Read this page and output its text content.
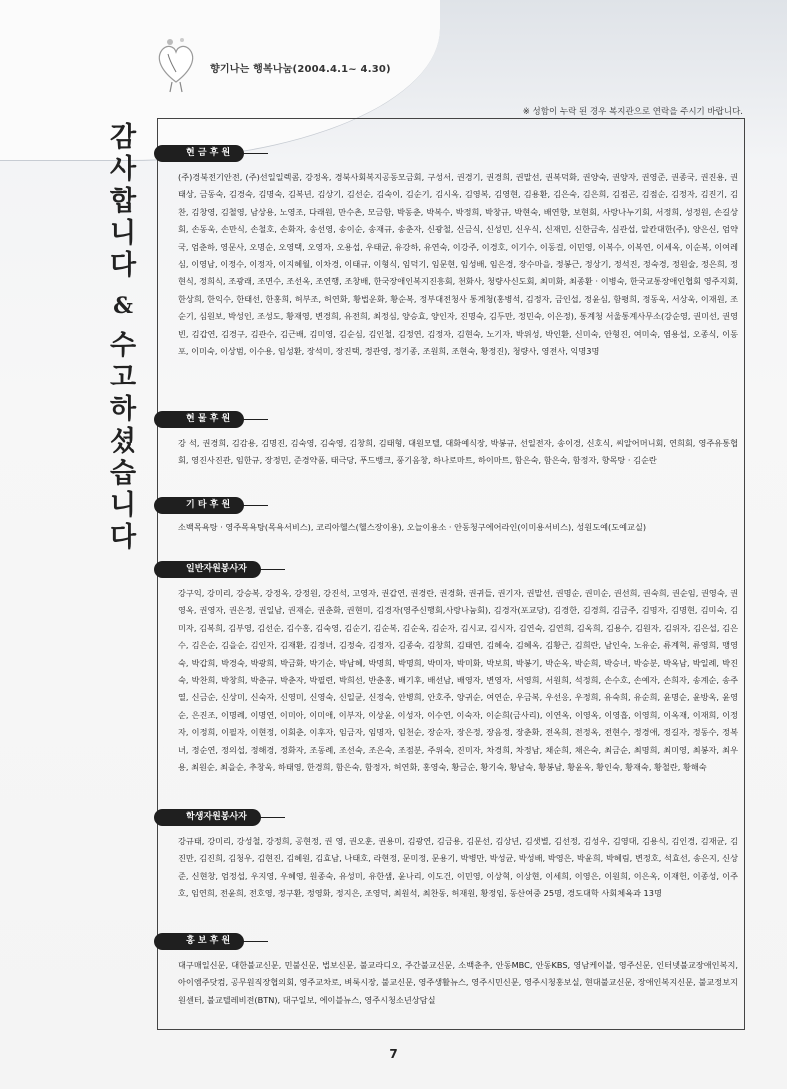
향기나는 행복나눔(2004.4.1~ 4.30)
※ 성함이 누락 된 경우 복지관으로 연락을 주시기 바랍니다.
감
사
합
니
다
&
수
고
하
셨
습
니
다
현 금 후 원
(주)경북전기안전, (주)선일일렉콤, 강정옥, 경북사회복지공동모금회, 구성서, 권경기, 권경희, 권말선, 권복덕화, 권양숙, 권양자, 권영준, 권종국, 권진용, 권태상, 금동숙, 김경숙, 김명숙, 김복년, 김상기, 김선순, 김숙이, 김순기, 김시옥, 김영복, 김영현, 김용환, 김은숙, 김은희, 김점곤, 김점순, 김정자, 김진기, 김찬, 김창영, 김철영, 남상용, 노영조, 다래원, 만수촌, 모금함, 박동춘, 박복수, 박정희, 박창규, 박현숙, 배연향, 보현회, 사랑나누기회, 서정희, 성정원, 손길상회, 손동욱, 손만식, 손철호, 손화자, 송선영, 송이순, 송재규, 송춘자, 신광철, 신금식, 신성민, 신우식, 신재민, 신한금속, 심관섭, 알칸대한(주), 양은신, 엄약국, 엄춘하, 영문사, 오명순, 오영택, 오영자, 오용섭, 우태균, 유강하, 유연숙, 이강주, 이경호, 이기수, 이동걸, 이민영, 이복수, 이복연, 이세옥, 이순복, 이여레심, 이영남, 이정수, 이정자, 이지혜월, 이차경, 이태규, 이형식, 임덕기, 임문현, 임성배, 임은경, 장수마을, 정봉근, 정상기, 정석진, 정숙경, 정원술, 정은희, 정현식, 정희식, 조광래, 조면수, 조선옥, 조연행, 조창배, 한국장애인복지진흥회, 천화사, 청량사신도회, 최미화, 최종환 · 이병숙, 한국교통장애인협회 영주지회, 한상희, 한익수, 한태선, 한홍희, 허부조, 허연화, 황법운화, 황순복, 정부대전청사 통계청(홍병석, 김정자, 금인섭, 정윤심, 함평희, 정동욱, 서상욱, 이재원, 조순기, 심원보, 박성인, 조성도, 황재영, 변경희, 유전희, 최정심, 양승효, 양인자, 진명숙, 김두만, 정민숙, 이은정), 통계청 서울통계사무소(강순영, 권미선, 권영빈, 김갑연, 김경구, 김관수, 김근배, 김미영, 김순심, 김인철, 김정연, 김정자, 김현숙, 노기자, 박위성, 박인환, 신미숙, 안형진, 여미숙, 염용섭, 오종식, 이동포, 이미숙, 이상범, 이수용, 임성환, 장석미, 장진택, 정관영, 정기종, 조원희, 조현숙, 황정진), 청량사, 영전사, 익명3명
현 물 후 원
강 석, 권경희, 김감용, 김명진, 김숙영, 김숙영, 김창희, 김태형, 대원모텔, 대화예식장, 박봉규, 선일전자, 송이경, 신호식, 씨알어머니회, 연희회, 영주유통협회, 영진사진관, 임한규, 장정민, 준경약품, 태극당, 푸드뱅크, 풍기음창, 하나로마트, 하이마트, 함은숙, 함은숙, 함정자, 향목탕 · 김순란
기 타 후 원
소백목욕탕 · 영주목욕탕(목욕서비스), 코리아헬스(헬스장이용), 오늘이용소 · 안동청구에어라인(이미용서비스), 성원도예(도예교실)
일반자원봉사자
강구익, 강미리, 강승복, 강정옥, 강정원, 강진석, 고영자, 권갑연, 권경란, 권경화, 권귀들, 권기자, 권말선, 권명순, 권미순, 권선희, 권숙희, 권순임, 권영숙, 권영옥, 권영자, 권은정, 권일남, 권재순, 권춘화, 권현미, 김경자(영주신행회,사랑나눔회), 김경자(포교당), 김경한, 김경희, 김금주, 김명자, 김명현, 김미숙, 김미자, 김복희, 김부영, 김선순, 김수홍, 김숙영, 김순기, 김순복, 김순옥, 김순자, 김시교, 김시자, 김연숙, 김연희, 김옥희, 김용수, 김원자, 김위자, 김은섭, 김은수, 김은순, 김을순, 김인자, 김재환, 김정녀, 김정숙, 김정자, 김종숙, 김창희, 김태연, 김혜숙, 김혜옥, 김황근, 김희란, 남인숙, 노유순, 류계혁, 류영희, 맹영숙, 박갑희, 박경숙, 박광희, 박금화, 박기순, 박남혜, 박명희, 박명희, 박미자, 박미화, 박보희, 박봉기, 박순옥, 박순희, 박승녀, 박승분, 박옥남, 박일례, 박진숙, 박찬희, 박창희, 박춘규, 박춘자, 박필련, 박희선, 반춘홍, 배기후, 배선남, 배영자, 변영자, 서영희, 서원희, 석정희, 손수호, 손예자, 손희자, 송계순, 송주열, 신금순, 신상미, 신숙자, 신영미, 신영숙, 신일균, 신정숙, 안병희, 안호주, 양귀순, 여연순, 우금복, 우선응, 우정희, 유숙희, 유순희, 윤명순, 윤방옥, 윤영순, 은진조, 이명례, 이명연, 이미아, 이미애, 이부자, 이상윤, 이성자, 이수연, 이숙자, 이순희(금사리), 이연옥, 이영옥, 이영흡, 이영희, 이옥재, 이재희, 이정자, 이정희, 이필자, 이현정, 이회춘, 이후자, 임금자, 임명자, 임천순, 장순자, 장은정, 장음정, 장춘화, 전옥희, 전정옥, 전현수, 정경애, 정길자, 정동수, 정복녀, 정순연, 정의섭, 정해경, 정화자, 조동례, 조선숙, 조은숙, 조점분, 주위숙, 진미자, 차경희, 차정남, 채순희, 채은숙, 최금순, 최명희, 최미영, 최봉자, 최우용, 최원순, 최을순, 추창욱, 하태영, 한경희, 함은숙, 함정자, 허연화, 홍영숙, 황금순, 황기숙, 황남숙, 황봉남, 황윤옥, 황인숙, 황재숙, 황철란, 황해숙
학생자원봉사자
강규태, 강미리, 강성철, 강정희, 공현정, 권 영, 권오훈, 권용미, 김광연, 김금용, 김문선, 김상년, 김샛별, 김선정, 김성우, 김영대, 김용식, 김인경, 김재균, 김진만, 김진희, 김청우, 김현진, 김혜원, 김효남, 나태호, 라현정, 문미정, 문용기, 박병만, 박성균, 박성배, 박영은, 박윤희, 박혜림, 변정호, 석효선, 송은지, 신상준, 신현창, 엄정섭, 우지영, 우혜영, 원종숙, 유성미, 유한샘, 윤나리, 이도건, 이민영, 이상혁, 이상현, 이세희, 이영은, 이원희, 이은옥, 이재헌, 이종성, 이주호, 임연희, 전윤희, 전호영, 정구환, 정영화, 정지은, 조영덕, 최원석, 최찬동, 허재원, 황정임, 동산여중 25명, 경도대학 사회체육과 13명
홍 보 후 원
대구매일신문, 대한불교신문, 민불신문, 법보신문, 불교라디오, 주간불교신문, 소백춘추, 안동MBC, 안동KBS, 영남케이블, 영주신문, 인터넷불교장애인복지, 아이엠주닷컴, 공무원직장협의회, 영주교차로, 벼룩시장, 불교신문, 영주생활뉴스, 영주시민신문, 영주시청홍보실, 현대불교신문, 장애인복지신문, 불교정보지원센터, 불교텔레비전(BTN), 대구일보, 에이블뉴스, 영주시청소년상담실
7
